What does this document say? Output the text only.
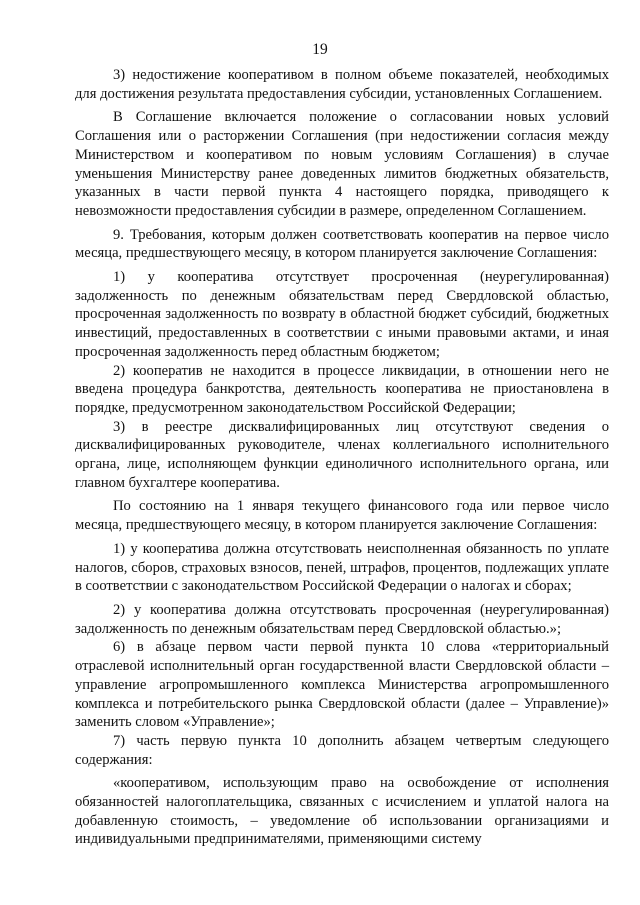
19

3) недостижение кооперативом в полном объеме показателей, необходимых для достижения результата предоставления субсидии, установленных Соглашением.

В Соглашение включается положение о согласовании новых условий Соглашения или о расторжении Соглашения (при недостижении согласия между Министерством и кооперативом по новым условиям Соглашения) в случае уменьшения Министерству ранее доведенных лимитов бюджетных обязательств, указанных в части первой пункта 4 настоящего порядка, приводящего к невозможности предоставления субсидии в размере, определенном Соглашением.

9. Требования, которым должен соответствовать кооператив на первое число месяца, предшествующего месяцу, в котором планируется заключение Соглашения:

1) у кооператива отсутствует просроченная (неурегулированная) задолженность по денежным обязательствам перед Свердловской областью, просроченная задолженность по возврату в областной бюджет субсидий, бюджетных инвестиций, предоставленных в соответствии с иными правовыми актами, и иная просроченная задолженность перед областным бюджетом;

2) кооператив не находится в процессе ликвидации, в отношении него не введена процедура банкротства, деятельность кооператива не приостановлена в порядке, предусмотренном законодательством Российской Федерации;

3) в реестре дисквалифицированных лиц отсутствуют сведения о дисквалифицированных руководителе, членах коллегиального исполнительного органа, лице, исполняющем функции единоличного исполнительного органа, или главном бухгалтере кооператива.

По состоянию на 1 января текущего финансового года или первое число месяца, предшествующего месяцу, в котором планируется заключение Соглашения:

1) у кооператива должна отсутствовать неисполненная обязанность по уплате налогов, сборов, страховых взносов, пеней, штрафов, процентов, подлежащих уплате в соответствии с законодательством Российской Федерации о налогах и сборах;

2) у кооператива должна отсутствовать просроченная (неурегулированная) задолженность по денежным обязательствам перед Свердловской областью.»;

6) в абзаце первом части первой пункта 10 слова «территориальный отраслевой исполнительный орган государственной власти Свердловской области – управление агропромышленного комплекса Министерства агропромышленного комплекса и потребительского рынка Свердловской области (далее – Управление)» заменить словом «Управление»;

7) часть первую пункта 10 дополнить абзацем четвертым следующего содержания:

«кооперативом, использующим право на освобождение от исполнения обязанностей налогоплательщика, связанных с исчислением и уплатой налога на добавленную стоимость, – уведомление об использовании организациями и индивидуальными предпринимателями, применяющими систему
